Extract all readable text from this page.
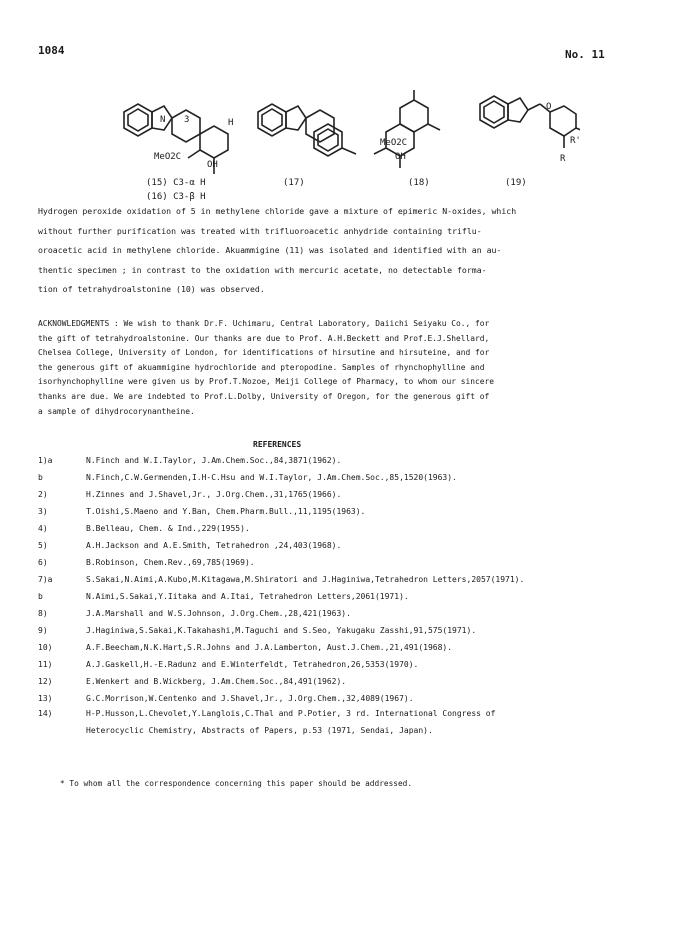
1084	No. 11
N 3
MeO2C
OH
H
MeO2C
OH
O
R'
R
(15) C3-α H
(16) C3-β H
(17)	(18)	(19)
Hydrogen peroxide oxidation of 5 in methylene chloride gave a mixture of epimeric N-oxides, which
without further purification was treated with trifluoroacetic anhydride containing triflu-
oroacetic acid in methylene chloride. Akuammigine (11) was isolated and identified with an au-
thentic specimen ; in contrast to the oxidation with mercuric acetate, no detectable forma-
tion of tetrahydroalstonine (10) was observed.
ACKNOWLEDGMENTS : We wish to thank Dr.F. Uchimaru, Central Laboratory, Daiichi Seiyaku Co., for
the gift of tetrahydroalstonine. Our thanks are due to Prof. A.H.Beckett and Prof.E.J.Shellard,
Chelsea College, University of London, for identifications of hirsutine and hirsuteine, and for
the generous gift of akuammigine hydrochloride and pteropodine. Samples of rhynchophylline and
isorhynchophylline were given us by Prof.T.Nozoe, Meiji College of Pharmacy, to whom our sincere
thanks are due. We are indebted to Prof.L.Dolby, University of Oregon, for the generous gift of
a sample of dihydrocorynantheine.
REFERENCES
1)a	N.Finch and W.I.Taylor, J.Am.Chem.Soc.,84,3871(1962).
b	N.Finch,C.W.Germenden,I.H-C.Hsu and W.I.Taylor, J.Am.Chem.Soc.,85,1520(1963).
2)	H.Zinnes and J.Shavel,Jr., J.Org.Chem.,31,1765(1966).
3)	T.Oishi,S.Maeno and Y.Ban, Chem.Pharm.Bull.,11,1195(1963).
4)	B.Belleau, Chem. & Ind.,229(1955).
5)	A.H.Jackson and A.E.Smith, Tetrahedron ,24,403(1968).
6)	B.Robinson, Chem.Rev.,69,785(1969).
7)a	S.Sakai,N.Aimi,A.Kubo,M.Kitagawa,M.Shiratori and J.Haginiwa,Tetrahedron Letters,2057(1971).
b	N.Aimi,S.Sakai,Y.Iitaka and A.Itai, Tetrahedron Letters,2061(1971).
8)	J.A.Marshall and W.S.Johnson, J.Org.Chem.,28,421(1963).
9)	J.Haginiwa,S.Sakai,K.Takahashi,M.Taguchi and S.Seo, Yakugaku Zasshi,91,575(1971).
10)	A.F.Beecham,N.K.Hart,S.R.Johns and J.A.Lamberton, Aust.J.Chem.,21,491(1968).
11)	A.J.Gaskell,H.-E.Radunz and E.Winterfeldt, Tetrahedron,26,5353(1970).
12)	E.Wenkert and B.Wickberg, J.Am.Chem.Soc.,84,491(1962).
13)	G.C.Morrison,W.Centenko and J.Shavel,Jr., J.Org.Chem.,32,4089(1967).
14)	H-P.Husson,L.Chevolet,Y.Langlois,C.Thal and P.Potier, 3 rd. International Congress of
Heterocyclic Chemistry, Abstracts of Papers, p.53 (1971, Sendai, Japan).
* To whom all the correspondence concerning this paper should be addressed.
